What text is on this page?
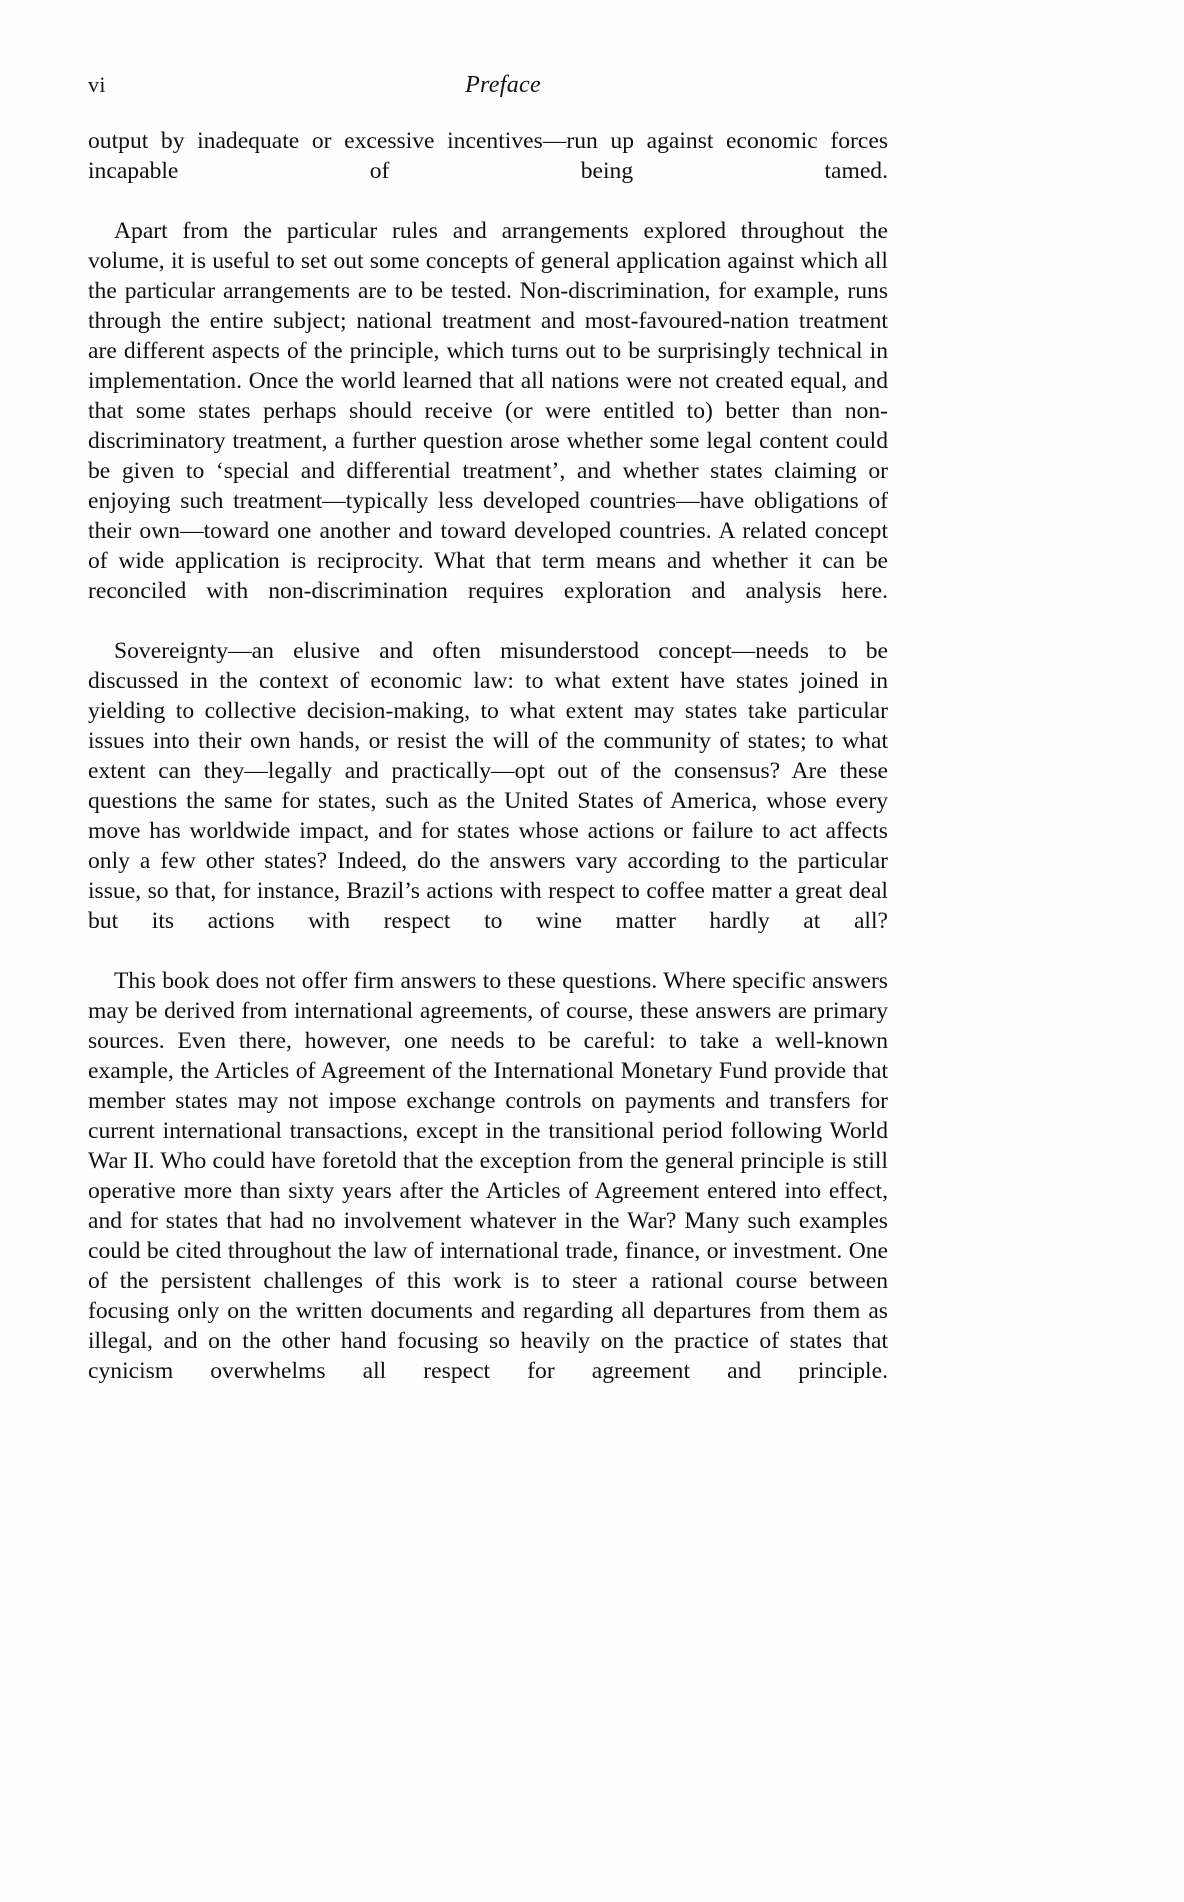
vi	Preface

output by inadequate or excessive incentives—run up against economic forces incapable of being tamed.

Apart from the particular rules and arrangements explored throughout the volume, it is useful to set out some concepts of general application against which all the particular arrangements are to be tested. Non-discrimination, for example, runs through the entire subject; national treatment and most-favoured-nation treatment are different aspects of the principle, which turns out to be surprisingly technical in implementation. Once the world learned that all nations were not created equal, and that some states perhaps should receive (or were entitled to) better than non-discriminatory treatment, a further question arose whether some legal content could be given to ‘special and differential treatment’, and whether states claiming or enjoying such treatment—typically less developed countries—have obligations of their own—toward one another and toward developed countries. A related concept of wide application is reciprocity. What that term means and whether it can be reconciled with non-discrimination requires exploration and analysis here.

Sovereignty—an elusive and often misunderstood concept—needs to be discussed in the context of economic law: to what extent have states joined in yielding to collective decision-making, to what extent may states take particular issues into their own hands, or resist the will of the community of states; to what extent can they—legally and practically—opt out of the consensus? Are these questions the same for states, such as the United States of America, whose every move has worldwide impact, and for states whose actions or failure to act affects only a few other states? Indeed, do the answers vary according to the particular issue, so that, for instance, Brazil’s actions with respect to coffee matter a great deal but its actions with respect to wine matter hardly at all?

This book does not offer firm answers to these questions. Where specific answers may be derived from international agreements, of course, these answers are primary sources. Even there, however, one needs to be careful: to take a well-known example, the Articles of Agreement of the International Monetary Fund provide that member states may not impose exchange controls on payments and transfers for current international transactions, except in the transitional period following World War II. Who could have foretold that the exception from the general principle is still operative more than sixty years after the Articles of Agreement entered into effect, and for states that had no involvement whatever in the War? Many such examples could be cited throughout the law of international trade, finance, or investment. One of the persistent challenges of this work is to steer a rational course between focusing only on the written documents and regarding all departures from them as illegal, and on the other hand focusing so heavily on the practice of states that cynicism overwhelms all respect for agreement and principle.
